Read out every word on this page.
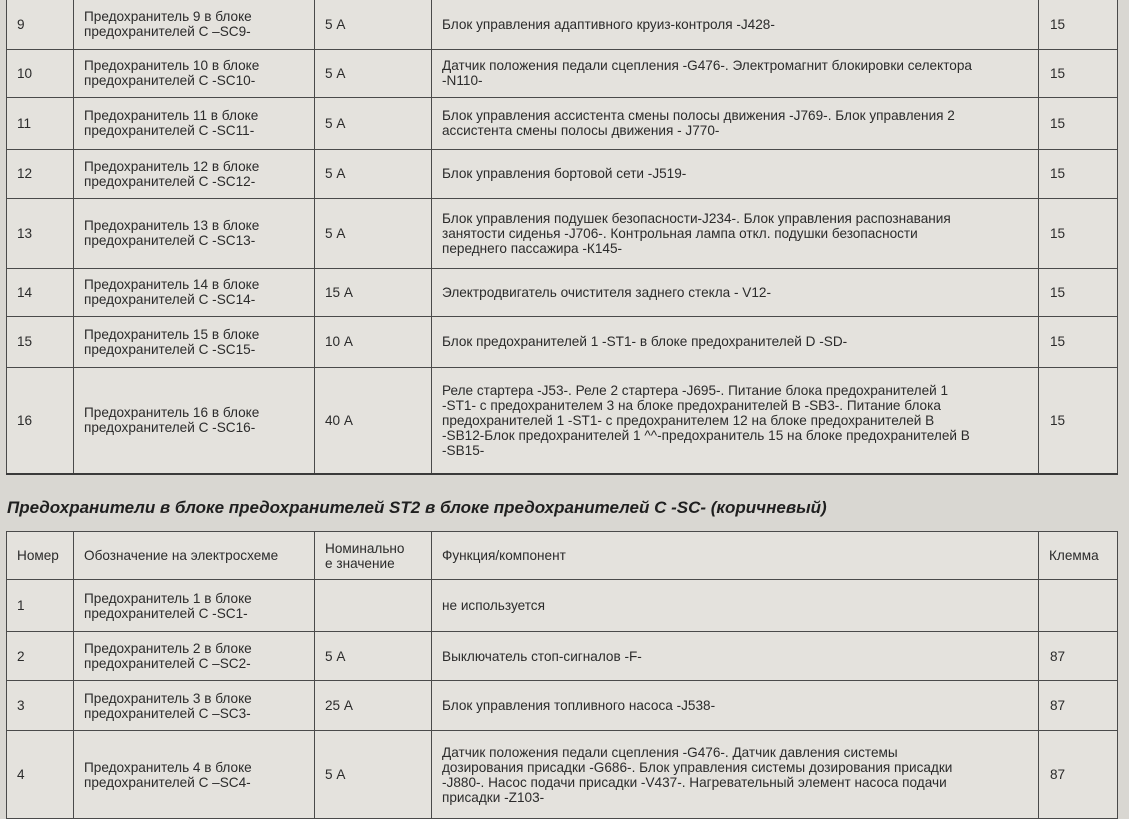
9	Предохранитель 9 в блоке
предохранителей С –SC9-	5 А	Блок управления адаптивного круиз-контроля -J428-	15
10	Предохранитель 10 в блоке
предохранителей С -SC10-	5 А	Датчик положения педали сцепления -G476-. Электромагнит блокировки селектора
-N110-	15
11	Предохранитель 11 в блоке
предохранителей С -SC11-	5 А	Блок управления ассистента смены полосы движения -J769-. Блок управления 2
ассистента смены полосы движения - J770-	15
12	Предохранитель 12 в блоке
предохранителей С -SC12-	5 А	Блок управления бортовой сети -J519-	15
13	Предохранитель 13 в блоке
предохранителей С -SC13-	5 А	Блок управления подушек безопасности-J234-. Блок управления распознавания
занятости сиденья -J706-. Контрольная лампа откл. подушки безопасности
переднего пассажира -К145-	15
14	Предохранитель 14 в блоке
предохранителей С -SC14-	15 А	Электродвигатель очистителя заднего стекла - V12-	15
15	Предохранитель 15 в блоке
предохранителей С -SC15-	10 А	Блок предохранителей 1 -ST1- в блоке предохранителей D -SD-	15
16	Предохранитель 16 в блоке
предохранителей С -SC16-	40 А	Реле стартера -J53-. Реле 2 стартера -J695-. Питание блока предохранителей 1
-ST1- с предохранителем 3 на блоке предохранителей В -SB3-. Питание блока
предохранителей 1 -ST1- с предохранителем 12 на блоке предохранителей В
-SB12-Блок предохранителей 1 ^^-предохранитель 15 на блоке предохранителей В
-SB15-	15
Предохранители в блоке предохранителей ST2 в блоке предохранителей С -SC- (коричневый)
Номер	Обозначение на электросхеме	Номинально
е значение	Функция/компонент	Клемма
1	Предохранитель 1 в блоке
предохранителей С -SC1-		не используется	

2	Предохранитель 2 в блоке
предохранителей С –SC2-	5 А	Выключатель стоп-сигналов -F-	87
3	Предохранитель 3 в блоке
предохранителей С –SC3-	25 А	Блок управления топливного насоса -J538-	87
4	Предохранитель 4 в блоке
предохранителей С –SC4-	5 А	Датчик положения педали сцепления -G476-. Датчик давления системы
дозирования присадки -G686-. Блок управления системы дозирования присадки
-J880-. Насос подачи присадки -V437-. Нагревательный элемент насоса подачи
присадки -Z103-	87
